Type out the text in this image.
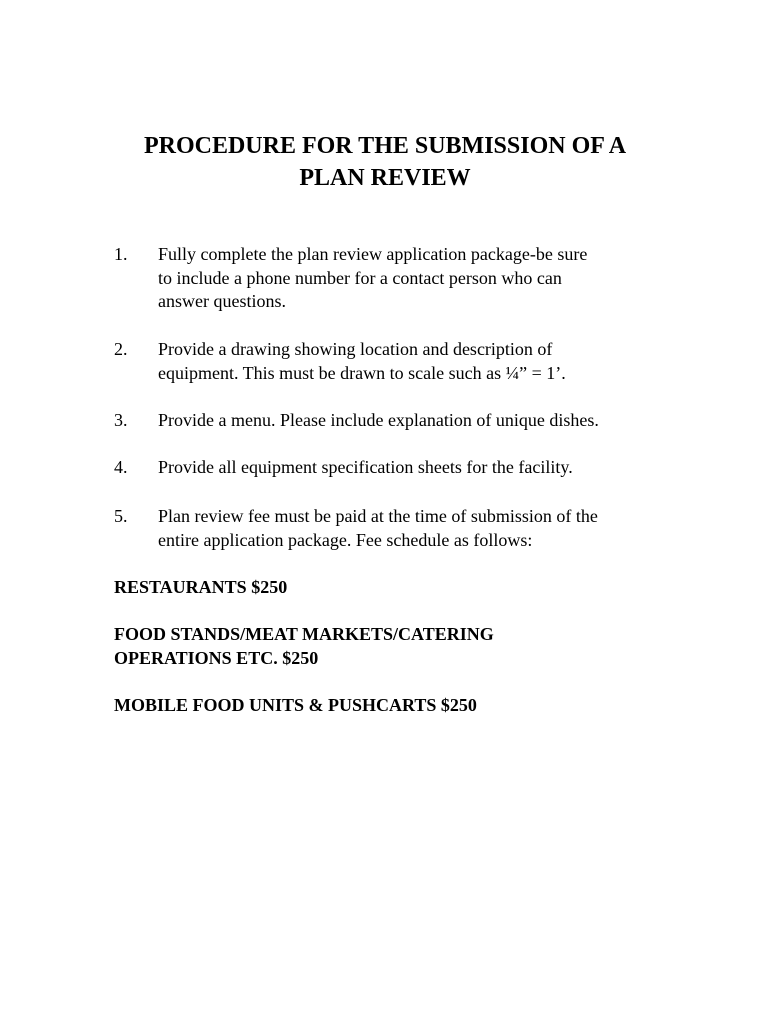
PROCEDURE FOR THE SUBMISSION OF A
PLAN REVIEW
1.	Fully complete the plan review application package-be sure
to include a phone number for a contact person who can
answer questions.
2.	Provide a drawing showing location and description of
equipment. This must be drawn to scale such as ¼” = 1’.
3.	Provide a menu. Please include explanation of unique dishes.
4.	Provide all equipment specification sheets for the facility.
5.	Plan review fee must be paid at the time of submission of the
entire application package. Fee schedule as follows:
RESTAURANTS $250
FOOD STANDS/MEAT MARKETS/CATERING
OPERATIONS ETC. $250
MOBILE FOOD UNITS & PUSHCARTS $250
